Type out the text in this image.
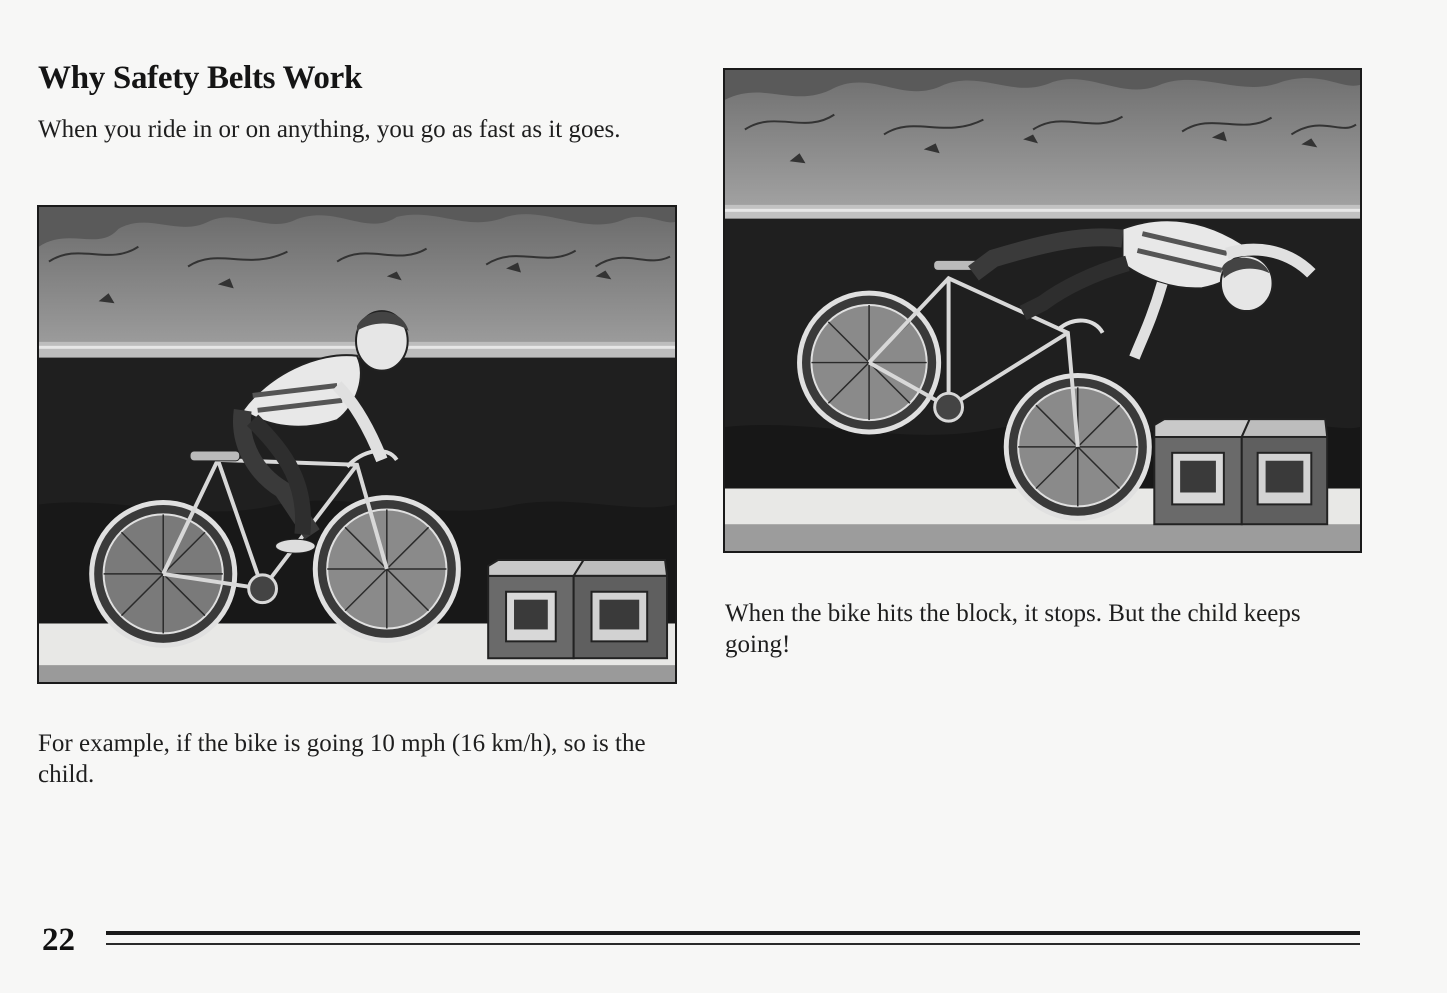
Why Safety Belts Work

When you ride in or on anything, you go as fast as it goes.

For example, if the bike is going 10 mph (16 km/h), so is the child.

When the bike hits the block, it stops. But the child keeps going!

22
